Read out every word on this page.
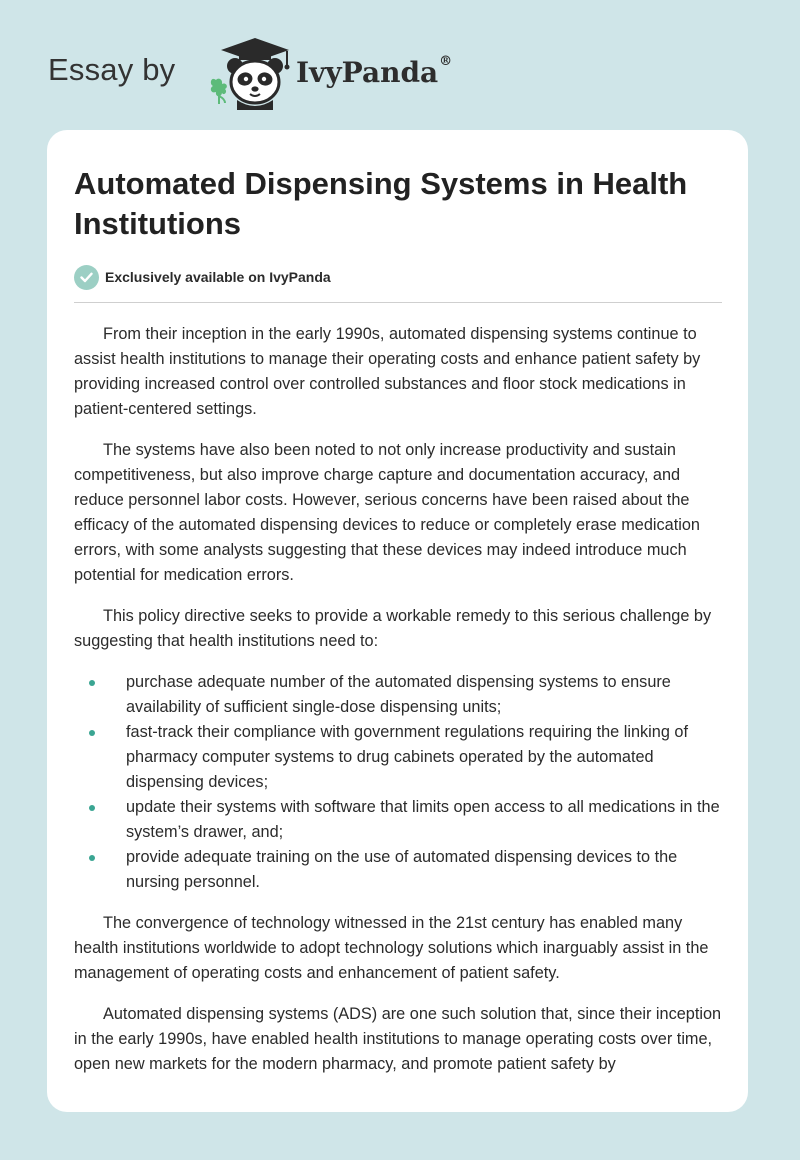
Essay by	IvyPanda®
Automated Dispensing Systems in Health Institutions
Exclusively available on IvyPanda

From their inception in the early 1990s, automated dispensing systems continue to assist health institutions to manage their operating costs and enhance patient safety by providing increased control over controlled substances and floor stock medications in patient-centered settings.

The systems have also been noted to not only increase productivity and sustain competitiveness, but also improve charge capture and documentation accuracy, and reduce personnel labor costs. However, serious concerns have been raised about the efficacy of the automated dispensing devices to reduce or completely erase medication errors, with some analysts suggesting that these devices may indeed introduce much potential for medication errors.

This policy directive seeks to provide a workable remedy to this serious challenge by suggesting that health institutions need to:

purchase adequate number of the automated dispensing systems to ensure availability of sufficient single-dose dispensing units;
fast-track their compliance with government regulations requiring the linking of pharmacy computer systems to drug cabinets operated by the automated dispensing devices;
update their systems with software that limits open access to all medications in the system’s drawer, and;
provide adequate training on the use of automated dispensing devices to the nursing personnel.

The convergence of technology witnessed in the 21st century has enabled many health institutions worldwide to adopt technology solutions which inarguably assist in the management of operating costs and enhancement of patient safety.

Automated dispensing systems (ADS) are one such solution that, since their inception in the early 1990s, have enabled health institutions to manage operating costs over time, open new markets for the modern pharmacy, and promote patient safety by
